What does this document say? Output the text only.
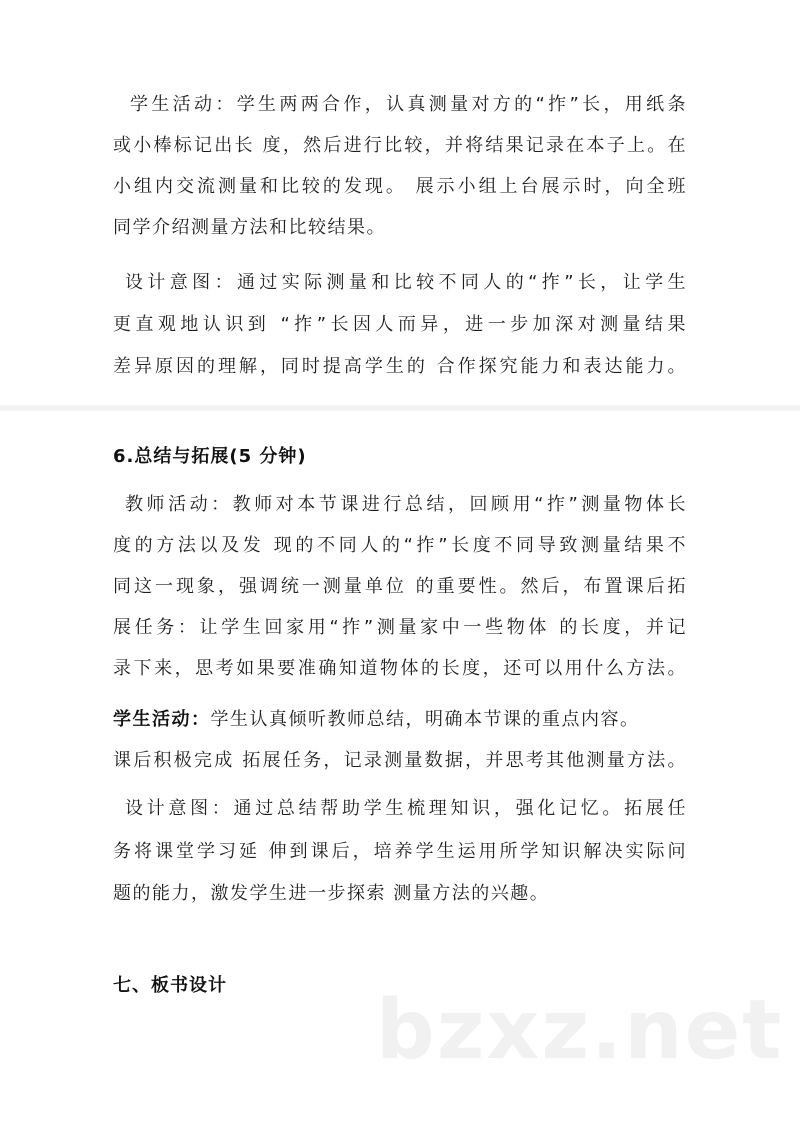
学生活动：学生两两合作，认真测量对方的“拃”长，用纸条
或小棒标记出长 度，然后进行比较，并将结果记录在本子上。在
小组内交流测量和比较的发现。 展示小组上台展示时，向全班
同学介绍测量方法和比较结果。
设计意图：通过实际测量和比较不同人的“拃”长，让学生
更直观地认识到 “拃”长因人而异，进一步加深对测量结果
差异原因的理解，同时提高学生的 合作探究能力和表达能力。
6.总结与拓展(5 分钟)
教师活动：教师对本节课进行总结，回顾用“拃”测量物体长
度的方法以及发 现的不同人的“拃”长度不同导致测量结果不
同这一现象，强调统一测量单位 的重要性。然后，布置课后拓
展任务：让学生回家用“拃”测量家中一些物体 的长度，并记
录下来，思考如果要准确知道物体的长度，还可以用什么方法。
学生活动：学生认真倾听教师总结，明确本节课的重点内容。
课后积极完成 拓展任务，记录测量数据，并思考其他测量方法。
设计意图：通过总结帮助学生梳理知识，强化记忆。拓展任
务将课堂学习延 伸到课后，培养学生运用所学知识解决实际问
题的能力，激发学生进一步探索 测量方法的兴趣。
七、板书设计 bzxz.net
